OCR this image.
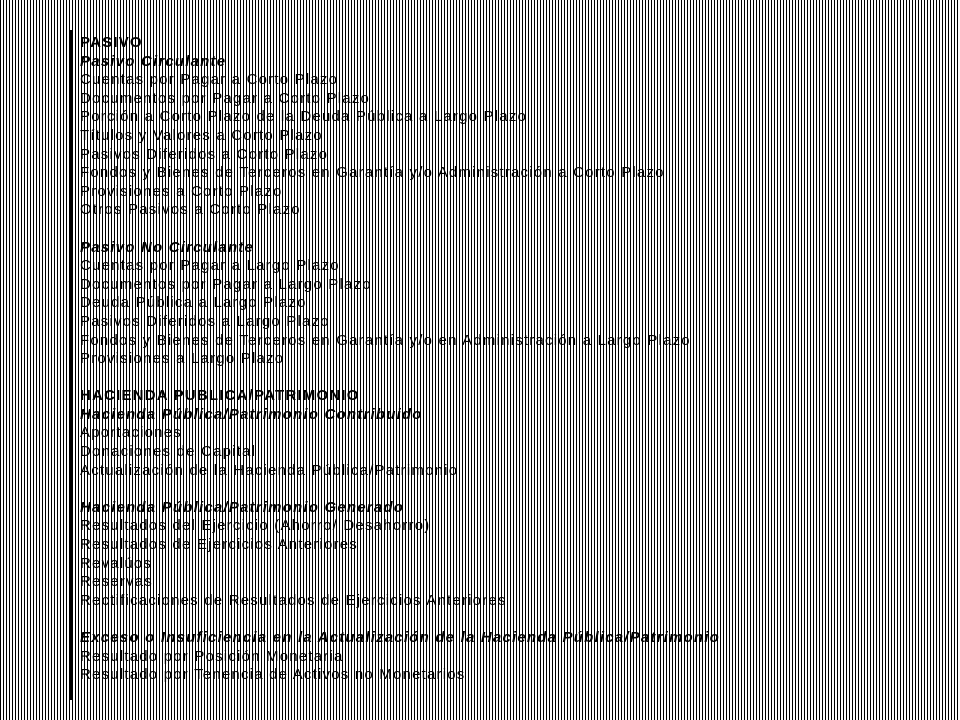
PASIVO
Pasivo Circulante
Cuentas por Pagar a Corto Plazo
Documentos por Pagar a Corto Plazo
Porción a Corto Plazo de la Deuda Pública a Largo Plazo
Títulos y Valores a Corto Plazo
Pasivos Diferidos a Corto Plazo
Fondos y Bienes de Terceros en Garantía y/o Administración a Corto Plazo
Provisiones a Corto Plazo
Otros Pasivos a Corto Plazo
Pasivo No Circulante
Cuentas por Pagar a Largo Plazo
Documentos por Pagar a Largo Plazo
Deuda Pública a Largo Plazo
Pasivos Diferidos a Largo Plazo
Fondos y Bienes de Terceros en Garantía y/o en Administración a Largo Plazo
Provisiones a Largo Plazo
HACIENDA PUBLICA/PATRIMONIO
Hacienda Pública/Patrimonio Contribuido
Aportaciones
Donaciones de Capital
Actualización de la Hacienda Pública/Patrimonio
Hacienda Pública/Patrimonio Generado
Resultados del Ejercicio (Ahorro/ Desahorro)
Resultados de Ejercicios Anteriores
Revalúos
Reservas
Rectificaciones de Resultados de Ejercicios Anteriores
Exceso o Insuficiencia en la Actualización de la Hacienda Pública/Patrimonio
Resultado por Posición Monetaria
Resultado por Tenencia de Activos no Monetarios
